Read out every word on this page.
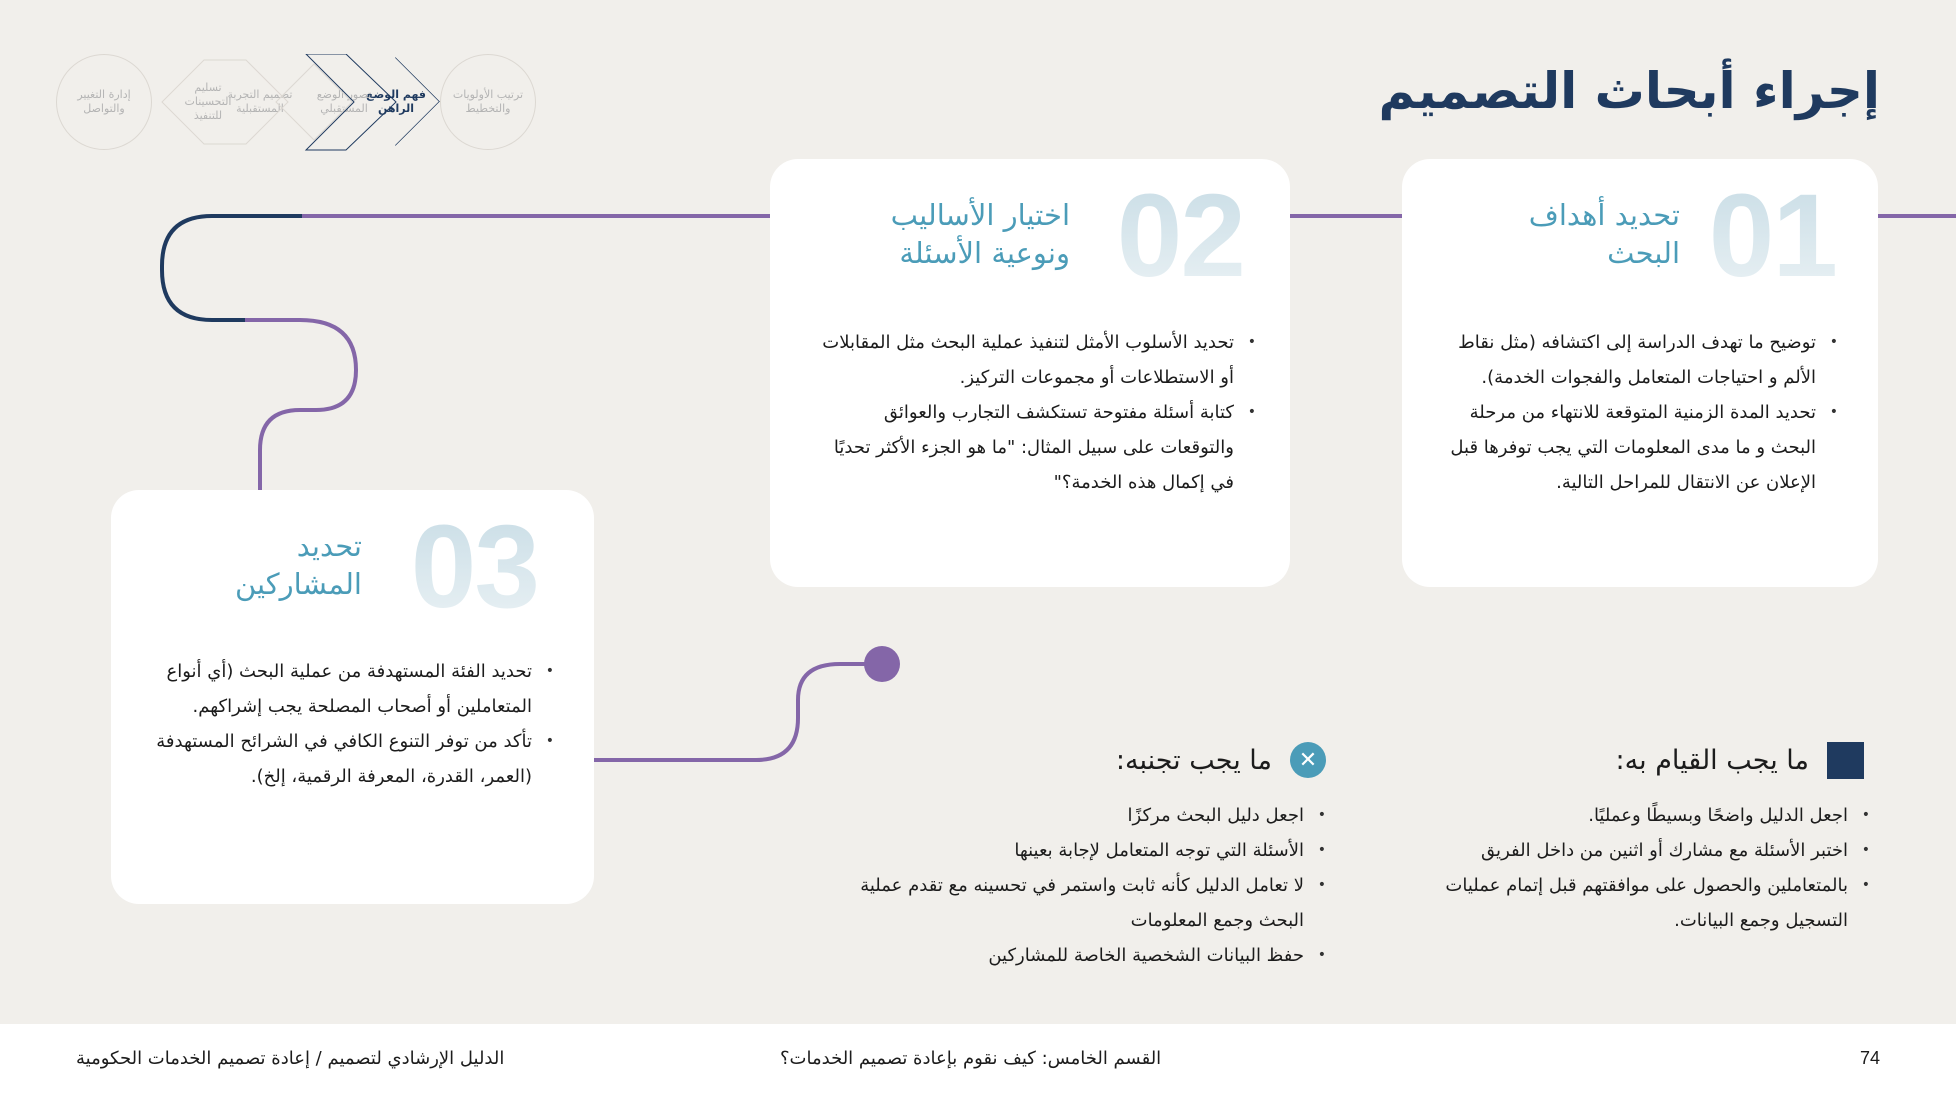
إجراء أبحاث التصميم
ترتيب الأولويات والتخطيط
فهم الوضع الراهن
تصور الوضع المستقبلي
تصميم التجربة المستقبلية
تسليم التحسينات للتنفيذ
إدارة التغيير والتواصل
01
تحديد أهداف
البحث
• توضيح ما تهدف الدراسة إلى اكتشافه (مثل نقاط الألم و احتياجات المتعامل والفجوات الخدمة).
• تحديد المدة الزمنية المتوقعة للانتهاء من مرحلة البحث و ما مدى المعلومات التي يجب توفرها قبل الإعلان عن الانتقال للمراحل التالية.
02
اختيار الأساليب
ونوعية الأسئلة
• تحديد الأسلوب الأمثل لتنفيذ عملية البحث مثل المقابلات أو الاستطلاعات أو مجموعات التركيز.
• كتابة أسئلة مفتوحة تستكشف التجارب والعوائق والتوقعات على سبيل المثال: "ما هو الجزء الأكثر تحديًا في إكمال هذه الخدمة؟"
03
تحديد
المشاركين
• تحديد الفئة المستهدفة من عملية البحث (أي أنواع المتعاملين أو أصحاب المصلحة يجب إشراكهم.
• تأكد من توفر التنوع الكافي في الشرائح المستهدفة (العمر، القدرة، المعرفة الرقمية، إلخ).
ما يجب القيام به:
• اجعل الدليل واضحًا وبسيطًا وعمليًا.
• اختبر الأسئلة مع مشارك أو اثنين من داخل الفريق
• بالمتعاملين والحصول على موافقتهم قبل إتمام عمليات التسجيل وجمع البيانات.
✕
ما يجب تجنبه:
• اجعل دليل البحث مركزًا
• الأسئلة التي توجه المتعامل لإجابة بعينها
• لا تعامل الدليل كأنه ثابت واستمر في تحسينه مع تقدم عملية البحث وجمع المعلومات
• حفظ البيانات الشخصية الخاصة للمشاركين
74
القسم الخامس: كيف نقوم بإعادة تصميم الخدمات؟
الدليل الإرشادي لتصميم / إعادة تصميم الخدمات الحكومية
